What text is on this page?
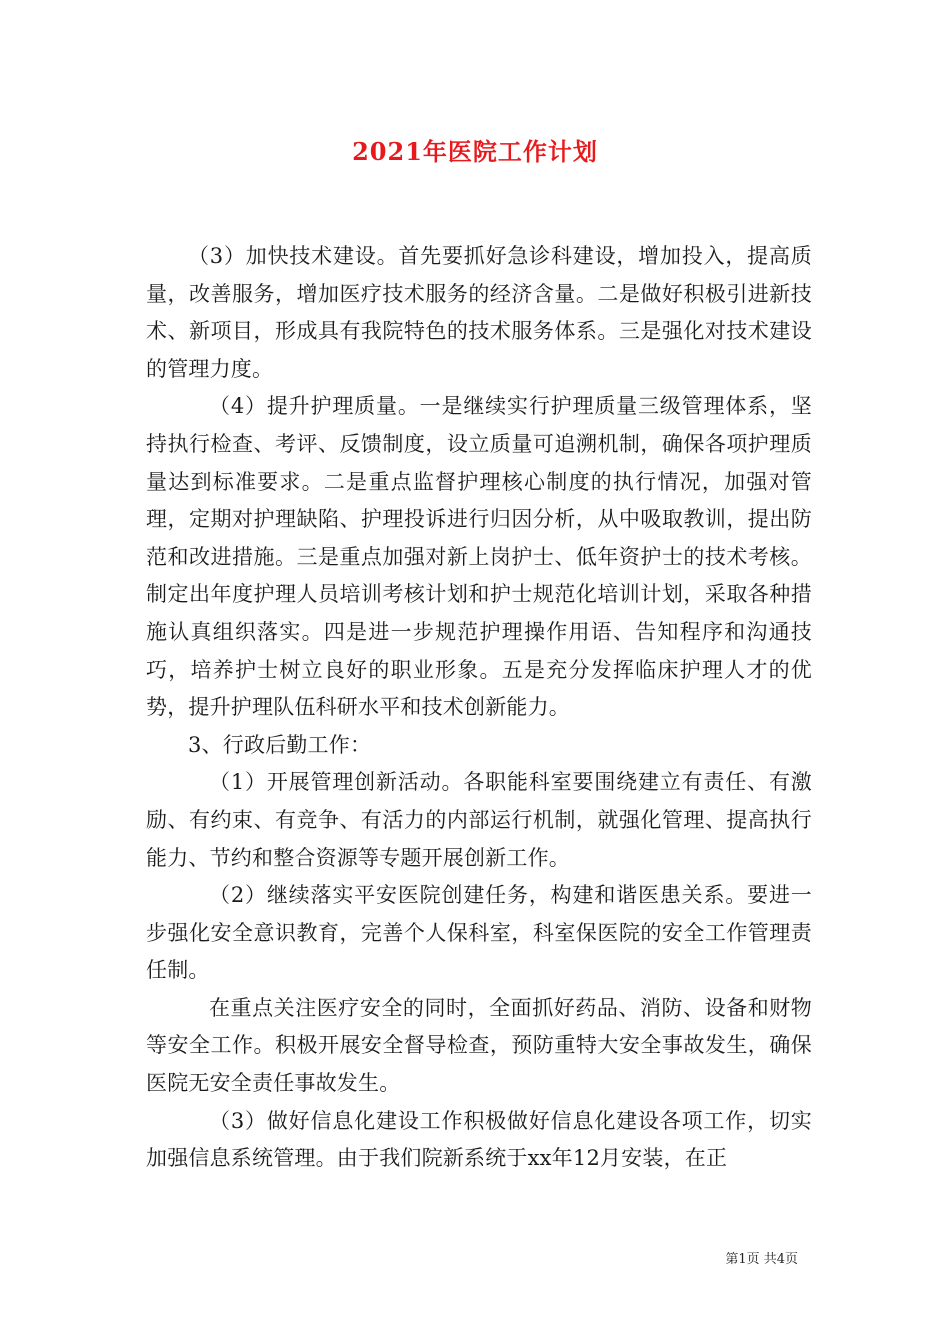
2021年医院工作计划

（3）加快技术建设。首先要抓好急诊科建设，增加投入，提高质量，改善服务，增加医疗技术服务的经济含量。二是做好积极引进新技术、新项目，形成具有我院特色的技术服务体系。三是强化对技术建设的管理力度。

（4）提升护理质量。一是继续实行护理质量三级管理体系，坚持执行检查、考评、反馈制度，设立质量可追溯机制，确保各项护理质量达到标准要求。二是重点监督护理核心制度的执行情况，加强对管理，定期对护理缺陷、护理投诉进行归因分析，从中吸取教训，提出防范和改进措施。三是重点加强对新上岗护士、低年资护士的技术考核。制定出年度护理人员培训考核计划和护士规范化培训计划，采取各种措施认真组织落实。四是进一步规范护理操作用语、告知程序和沟通技巧，培养护士树立良好的职业形象。五是充分发挥临床护理人才的优势，提升护理队伍科研水平和技术创新能力。

3、行政后勤工作：

（1）开展管理创新活动。各职能科室要围绕建立有责任、有激励、有约束、有竞争、有活力的内部运行机制，就强化管理、提高执行能力、节约和整合资源等专题开展创新工作。

（2）继续落实平安医院创建任务，构建和谐医患关系。要进一步强化安全意识教育，完善个人保科室，科室保医院的安全工作管理责任制。

在重点关注医疗安全的同时，全面抓好药品、消防、设备和财物等安全工作。积极开展安全督导检查，预防重特大安全事故发生，确保医院无安全责任事故发生。

（3）做好信息化建设工作积极做好信息化建设各项工作，切实加强信息系统管理。由于我们院新系统于xx年12月安装，在正

第1页 共4页
